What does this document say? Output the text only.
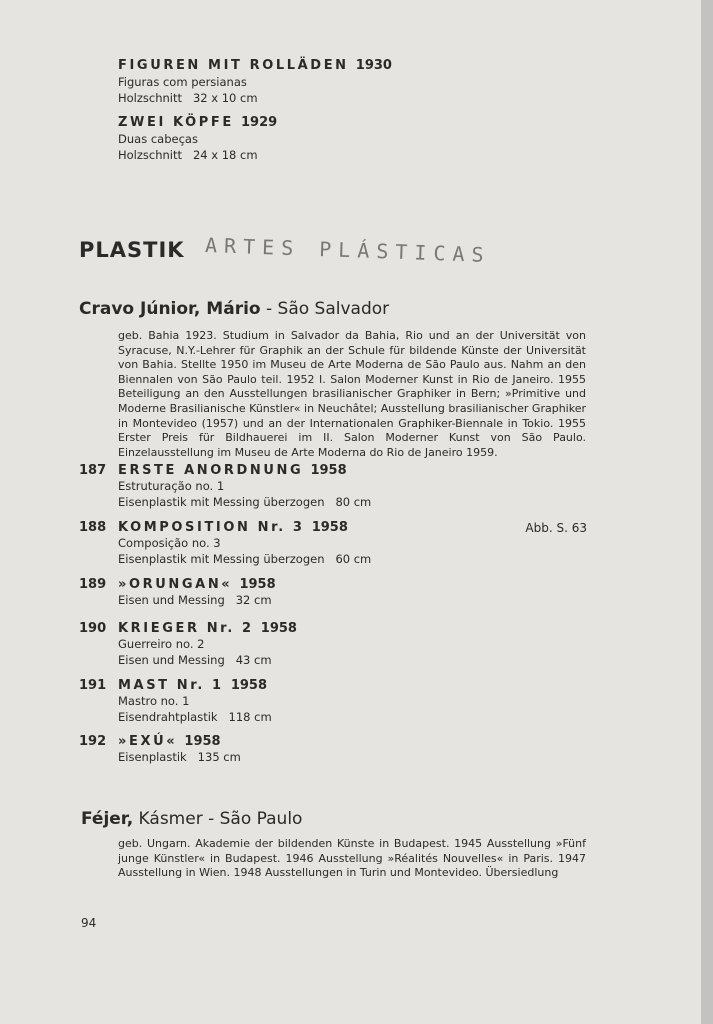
FIGUREN MIT ROLLÄDEN 1930
Figuras com persianas
Holzschnitt   32 x 10 cm
ZWEI KÖPFE 1929
Duas cabeças
Holzschnitt   24 x 18 cm
PLASTIK ARTES PLÁSTICAS
Cravo Júnior, Mário - São Salvador
geb. Bahia 1923. Studium in Salvador da Bahia, Rio und an der Universität von Syracuse, N.Y.-Lehrer für Graphik an der Schule für bildende Künste der Universität von Bahia. Stellte 1950 im Museu de Arte Moderna de São Paulo aus. Nahm an den Biennalen von São Paulo teil. 1952 I. Salon Moderner Kunst in Rio de Janeiro. 1955 Beteiligung an den Ausstellungen brasilianischer Graphiker in Bern; »Primitive und Moderne Brasilianische Künstler« in Neuchâtel; Ausstellung brasilianischer Graphiker in Montevideo (1957) und an der Internationalen Graphiker-Biennale in Tokio. 1955 Erster Preis für Bildhauerei im II. Salon Moderner Kunst von São Paulo. Einzelausstellung im Museu de Arte Moderna do Rio de Janeiro 1959.
187 ERSTE ANORDNUNG 1958
Estruturação no. 1
Eisenplastik mit Messing überzogen   80 cm
188 KOMPOSITION Nr. 3 1958
Composição no. 3
Eisenplastik mit Messing überzogen   60 cm
Abb. S. 63
189 »ORUNGAN« 1958
Eisen und Messing   32 cm
190 KRIEGER Nr. 2 1958
Guerreiro no. 2
Eisen und Messing   43 cm
191 MAST Nr. 1 1958
Mastro no. 1
Eisendrahtplastik   118 cm
192 »EXÚ« 1958
Eisenplastik   135 cm
Féjer, Kásmer - São Paulo
geb. Ungarn. Akademie der bildenden Künste in Budapest. 1945 Ausstellung »Fünf junge Künstler« in Budapest. 1946 Ausstellung »Réalités Nouvelles« in Paris. 1947 Ausstellung in Wien. 1948 Ausstellungen in Turin und Montevideo. Übersiedlung
94
